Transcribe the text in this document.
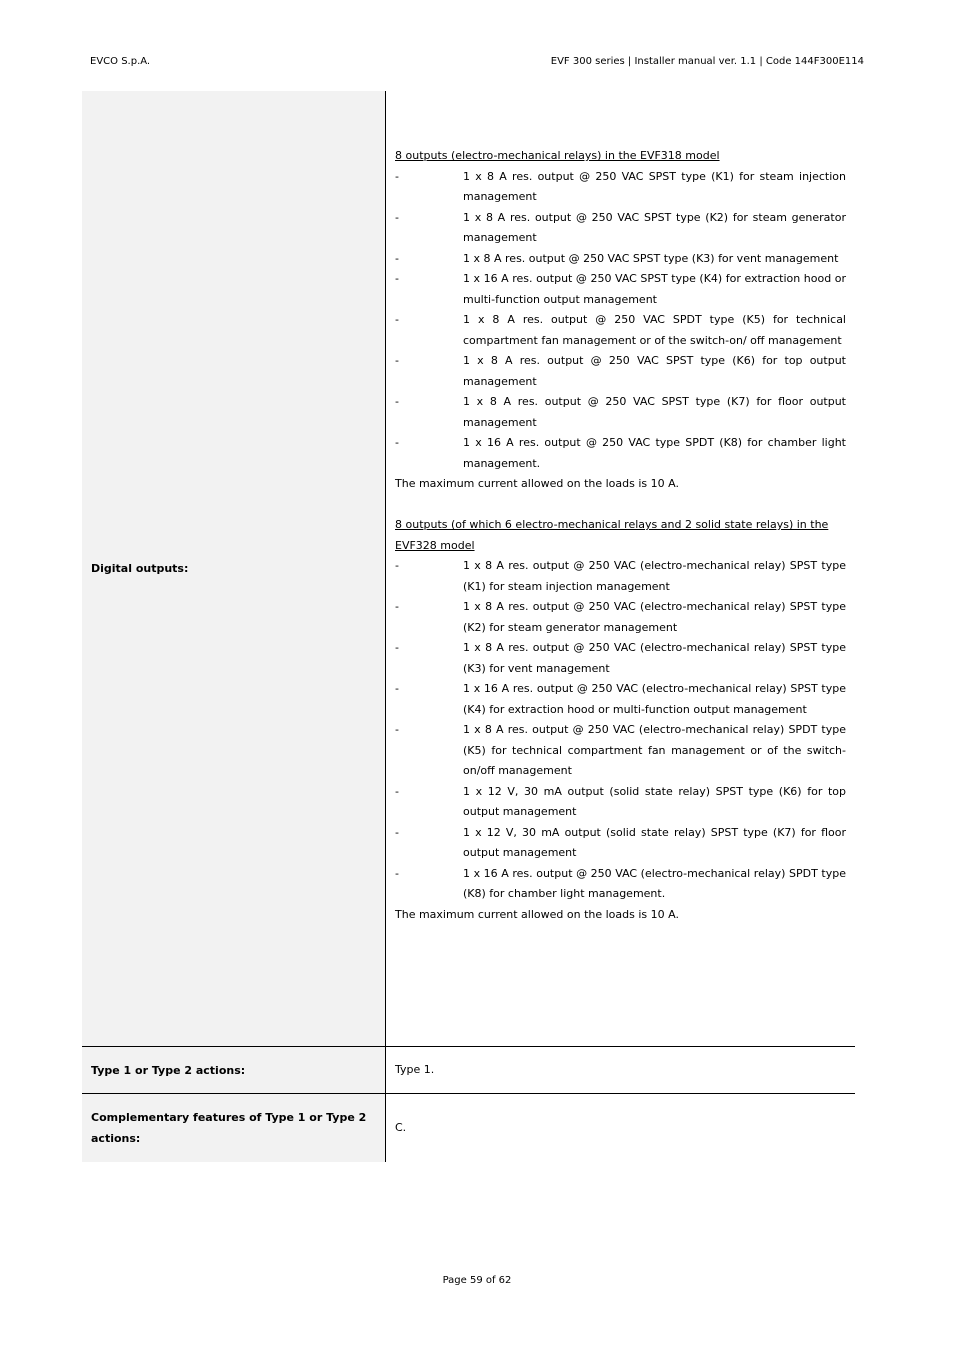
EVCO S.p.A.	EVF 300 series | Installer manual ver. 1.1 | Code 144F300E114
Digital outputs:
8 outputs (electro-mechanical relays) in the EVF318 model
-	1 x 8 A res. output @ 250 VAC SPST type (K1) for steam injection management
-	1 x 8 A res. output @ 250 VAC SPST type (K2) for steam generator management
-	1 x 8 A res. output @ 250 VAC SPST type (K3) for vent management
-	1 x 16 A res. output @ 250 VAC SPST type (K4) for extraction hood or multi-function output management
-	1 x 8 A res. output @ 250 VAC SPDT type (K5) for technical compartment fan management or of the switch-on/ off management
-	1 x 8 A res. output @ 250 VAC SPST type (K6) for top output management
-	1 x 8 A res. output @ 250 VAC SPST type (K7) for floor output management
-	1 x 16 A res. output @ 250 VAC type SPDT (K8) for chamber light management.
The maximum current allowed on the loads is 10 A.
8 outputs (of which 6 electro-mechanical relays and 2 solid state relays) in the EVF328 model
-	1 x 8 A res. output @ 250 VAC (electro-mechanical relay) SPST type (K1) for steam injection management
-	1 x 8 A res. output @ 250 VAC (electro-mechanical relay) SPST type (K2) for steam generator management
-	1 x 8 A res. output @ 250 VAC (electro-mechanical relay) SPST type (K3) for vent management
-	1 x 16 A res. output @ 250 VAC (electro-mechanical relay) SPST type (K4) for extraction hood or multi-function output management
-	1 x 8 A res. output @ 250 VAC (electro-mechanical relay) SPDT type (K5) for technical compartment fan management or of the switch-on/off management
-	1 x 12 V, 30 mA output (solid state relay) SPST type (K6) for top output management
-	1 x 12 V, 30 mA output (solid state relay) SPST type (K7) for floor output management
-	1 x 16 A res. output @ 250 VAC (electro-mechanical relay) SPDT type (K8) for chamber light management.
The maximum current allowed on the loads is 10 A.
Type 1 or Type 2 actions:	Type 1.
Complementary features of Type 1 or Type 2 actions:
C.
Page 59 of 62
